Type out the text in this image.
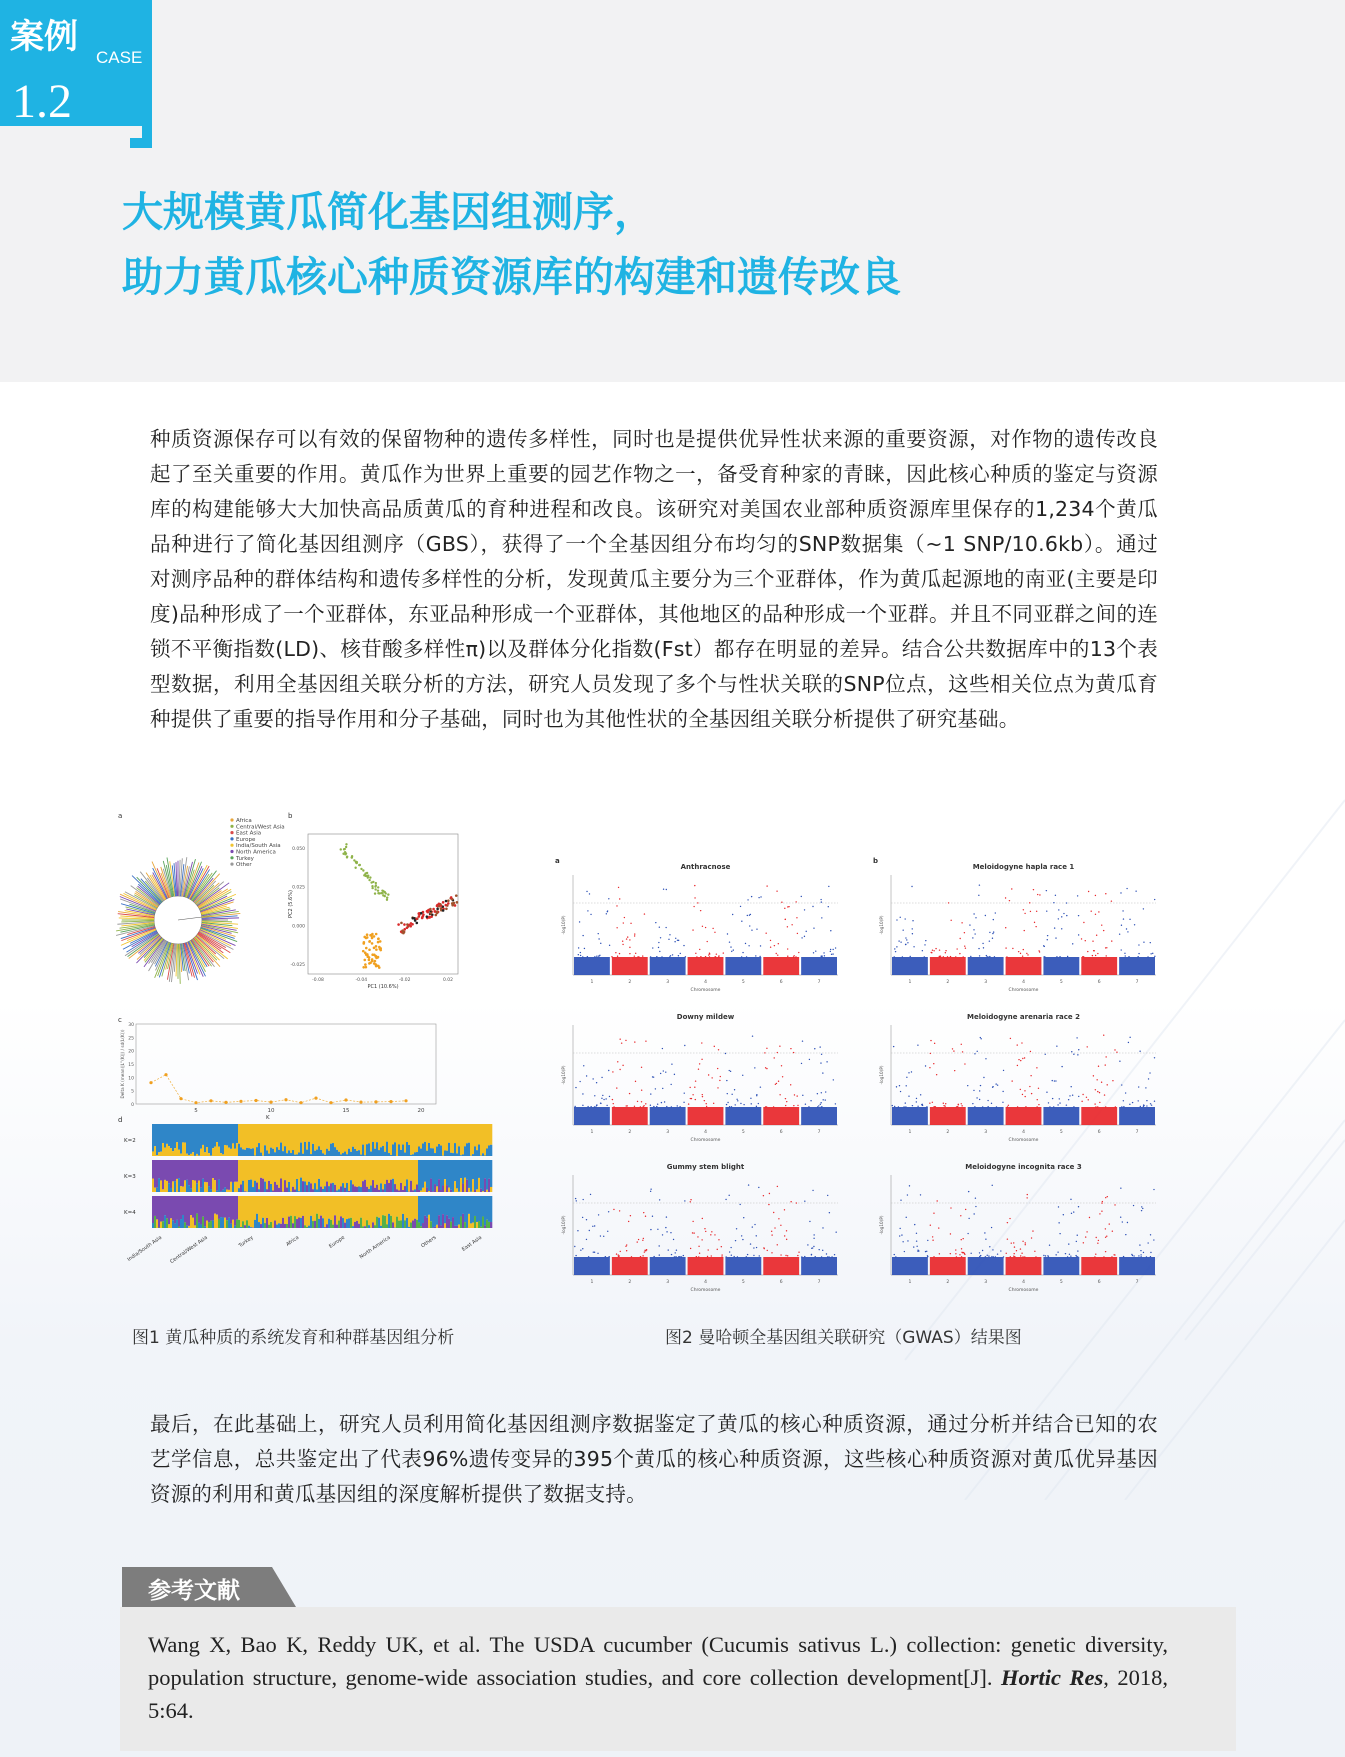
案例
CASE
1.2
大规模黄瓜简化基因组测序，
助力黄瓜核心种质资源库的构建和遗传改良
种质资源保存可以有效的保留物种的遗传多样性，同时也是提供优异性状来源的重要资源，对作物的遗传改良起了至关重要的作用。黄瓜作为世界上重要的园艺作物之一，备受育种家的青睐，因此核心种质的鉴定与资源库的构建能够大大加快高品质黄瓜的育种进程和改良。该研究对美国农业部种质资源库里保存的1,234个黄瓜品种进行了简化基因组测序（GBS），获得了一个全基因组分布均匀的SNP数据集（~1 SNP/10.6kb）。通过对测序品种的群体结构和遗传多样性的分析，发现黄瓜主要分为三个亚群体，作为黄瓜起源地的南亚(主要是印度)品种形成了一个亚群体，东亚品种形成一个亚群体，其他地区的品种形成一个亚群。并且不同亚群之间的连锁不平衡指数(LD)、核苷酸多样性π)以及群体分化指数(Fst）都存在明显的差异。结合公共数据库中的13个表型数据，利用全基因组关联分析的方法，研究人员发现了多个与性状关联的SNP位点，这些相关位点为黄瓜育种提供了重要的指导作用和分子基础，同时也为其他性状的全基因组关联分析提供了研究基础。
a
Africa
Central/West Asia
East Asia
Europe
India/South Asia
North America
Turkey
Other
b
0.050
0.025
0.000
-0.025
-0.08	-0.04	-0.02	0.02
PC1 (10.6%)
PC2 (5.6%)
c
0
5
10
15
20
25
30
5	10	15	20
K
Delta K (mean(|L''(K)|) / sd(L(K)))
d
K=2
K=3
K=4
India/South Asia Central/West Asia	Turkey	Africa	Europe	North America	Others	East Asia
a	b
Anthracnose
-log10(P)
1	2	3	4	5	6	7
Chromosome
Meloidogyne hapla race 1
-log10(P)
1	2	3	4	5	6	7
Chromosome
Downy mildew
-log10(P)
1	2	3	4	5	6	7
Chromosome
Meloidogyne arenaria race 2
-log10(P)
1	2	3	4	5	6	7
Chromosome
Gummy stem blight
-log10(P)
1	2	3	4	5	6	7
Chromosome
Meloidogyne incognita race 3
-log10(P)
1	2	3	4	5	6	7
Chromosome
图1 黄瓜种质的系统发育和种群基因组分析	图2 曼哈顿全基因组关联研究（GWAS）结果图
最后，在此基础上，研究人员利用简化基因组测序数据鉴定了黄瓜的核心种质资源，通过分析并结合已知的农艺学信息，总共鉴定出了代表96%遗传变异的395个黄瓜的核心种质资源，这些核心种质资源对黄瓜优异基因资源的利用和黄瓜基因组的深度解析提供了数据支持。
参考文献
Wang X, Bao K, Reddy UK, et al. The USDA cucumber (Cucumis sativus L.) collection: genetic diversity, population structure, genome-wide association studies, and core collection development[J]. Hortic Res, 2018, 5:64.
